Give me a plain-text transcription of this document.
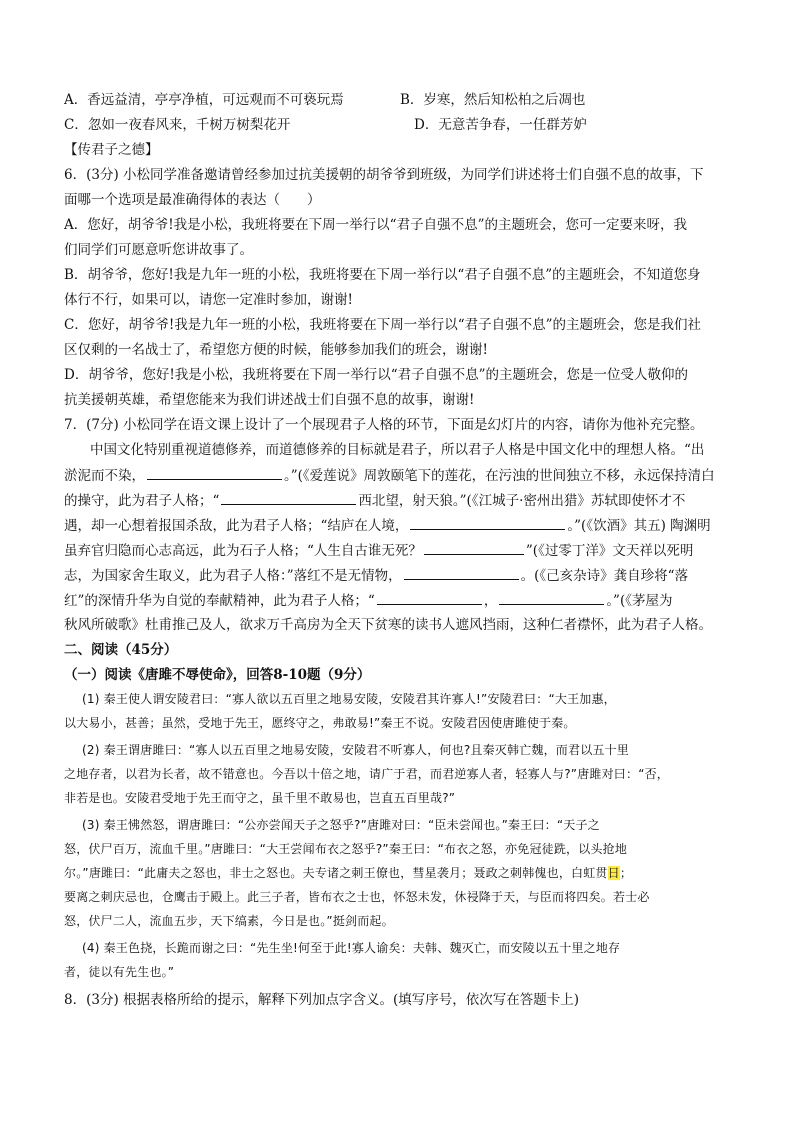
A．香远益清，亭亭净植，可远观而不可亵玩焉	B．岁寒，然后知松柏之后凋也
C．忽如一夜春风来，千树万树梨花开	D．无意苦争春，一任群芳妒
【传君子之德】
6．(3分) 小松同学准备邀请曾经参加过抗美援朝的胡爷爷到班级，为同学们讲述将士们自强不息的故事，下
面哪一个选项是最准确得体的表达（　　）
A．您好，胡爷爷!我是小松，我班将要在下周一举行以“君子自强不息”的主题班会，您可一定要来呀，我
们同学们可愿意听您讲故事了。
B．胡爷爷，您好!我是九年一班的小松，我班将要在下周一举行以“君子自强不息”的主题班会，不知道您身
体行不行，如果可以，请您一定准时参加，谢谢!
C．您好，胡爷爷!我是九年一班的小松，我班将要在下周一举行以“君子自强不息”的主题班会，您是我们社
区仅剩的一名战士了，希望您方便的时候，能够参加我们的班会，谢谢!
D．胡爷爷，您好!我是小松，我班将要在下周一举行以“君子自强不息”的主题班会，您是一位受人敬仰的
抗美援朝英雄，希望您能来为我们讲述战士们自强不息的故事，谢谢!
7．(7分) 小松同学在语文课上设计了一个展现君子人格的环节，下面是幻灯片的内容，请你为他补充完整。
中国文化特别重视道德修养，而道德修养的目标就是君子，所以君子人格是中国文化中的理想人格。“出
淤泥而不染，	。”(《爱莲说》周敦颐笔下的莲花，在污浊的世间独立不移，永远保持清白
的操守，此为君子人格；“	西北望，射天狼。”(《江城子·密州出猎》苏轼即使怀才不
遇，却一心想着报国杀敌，此为君子人格；“结庐在人境，	。”(《饮酒》其五) 陶渊明
虽弃官归隐而心志高远，此为石子人格；“人生自古谁无死？	”(《过零丁洋》文天祥以死明
志，为国家舍生取义，此为君子人格：”落红不是无情物，	。(《己亥杂诗》龚自珍将“落
红”的深情升华为自觉的奉献精神，此为君子人格；“	，	。”(《茅屋为
秋风所破歌》杜甫推己及人，欲求万千高房为全天下贫寒的读书人遮风挡雨，这种仁者襟怀，此为君子人格。
二、阅读（45分）
（一）阅读《唐雎不辱使命》，回答8-10题（9分）
(1) 秦王使人谓安陵君曰：“寡人欲以五百里之地易安陵，安陵君其许寡人!”安陵君曰：“大王加惠，
以大易小，甚善；虽然，受地于先王，愿终守之，弗敢易!”秦王不说。安陵君因使唐雎使于秦。
(2) 秦王谓唐雎曰：“寡人以五百里之地易安陵，安陵君不听寡人，何也?且秦灭韩亡魏，而君以五十里
之地存者，以君为长者，故不错意也。今吾以十倍之地，请广于君，而君逆寡人者，轻寡人与?”唐雎对曰：“否，
非若是也。安陵君受地于先王而守之，虽千里不敢易也，岂直五百里哉?”
(3) 秦王怫然怒，谓唐雎曰：“公亦尝闻天子之怒乎?”唐雎对曰：“臣未尝闻也。”秦王曰：“天子之
怒，伏尸百万，流血千里。”唐雎曰：“大王尝闻布衣之怒乎?”秦王曰：“布衣之怒，亦免冠徒跣，以头抢地
尔。”唐雎曰：“此庸夫之怒也，非士之怒也。夫专诸之刺王僚也，彗星袭月；聂政之刺韩傀也，白虹贯日；
要离之刺庆忌也，仓鹰击于殿上。此三子者，皆布衣之士也，怀怒未发，休祲降于天，与臣而将四矣。若士必
怒，伏尸二人，流血五步，天下缟素，今日是也。”挺剑而起。
(4) 秦王色挠，长跪而谢之曰：“先生坐!何至于此!寡人谕矣：夫韩、魏灭亡，而安陵以五十里之地存
者，徒以有先生也。”
8．(3分) 根据表格所给的提示，解释下列加点字含义。(填写序号，依次写在答题卡上)
